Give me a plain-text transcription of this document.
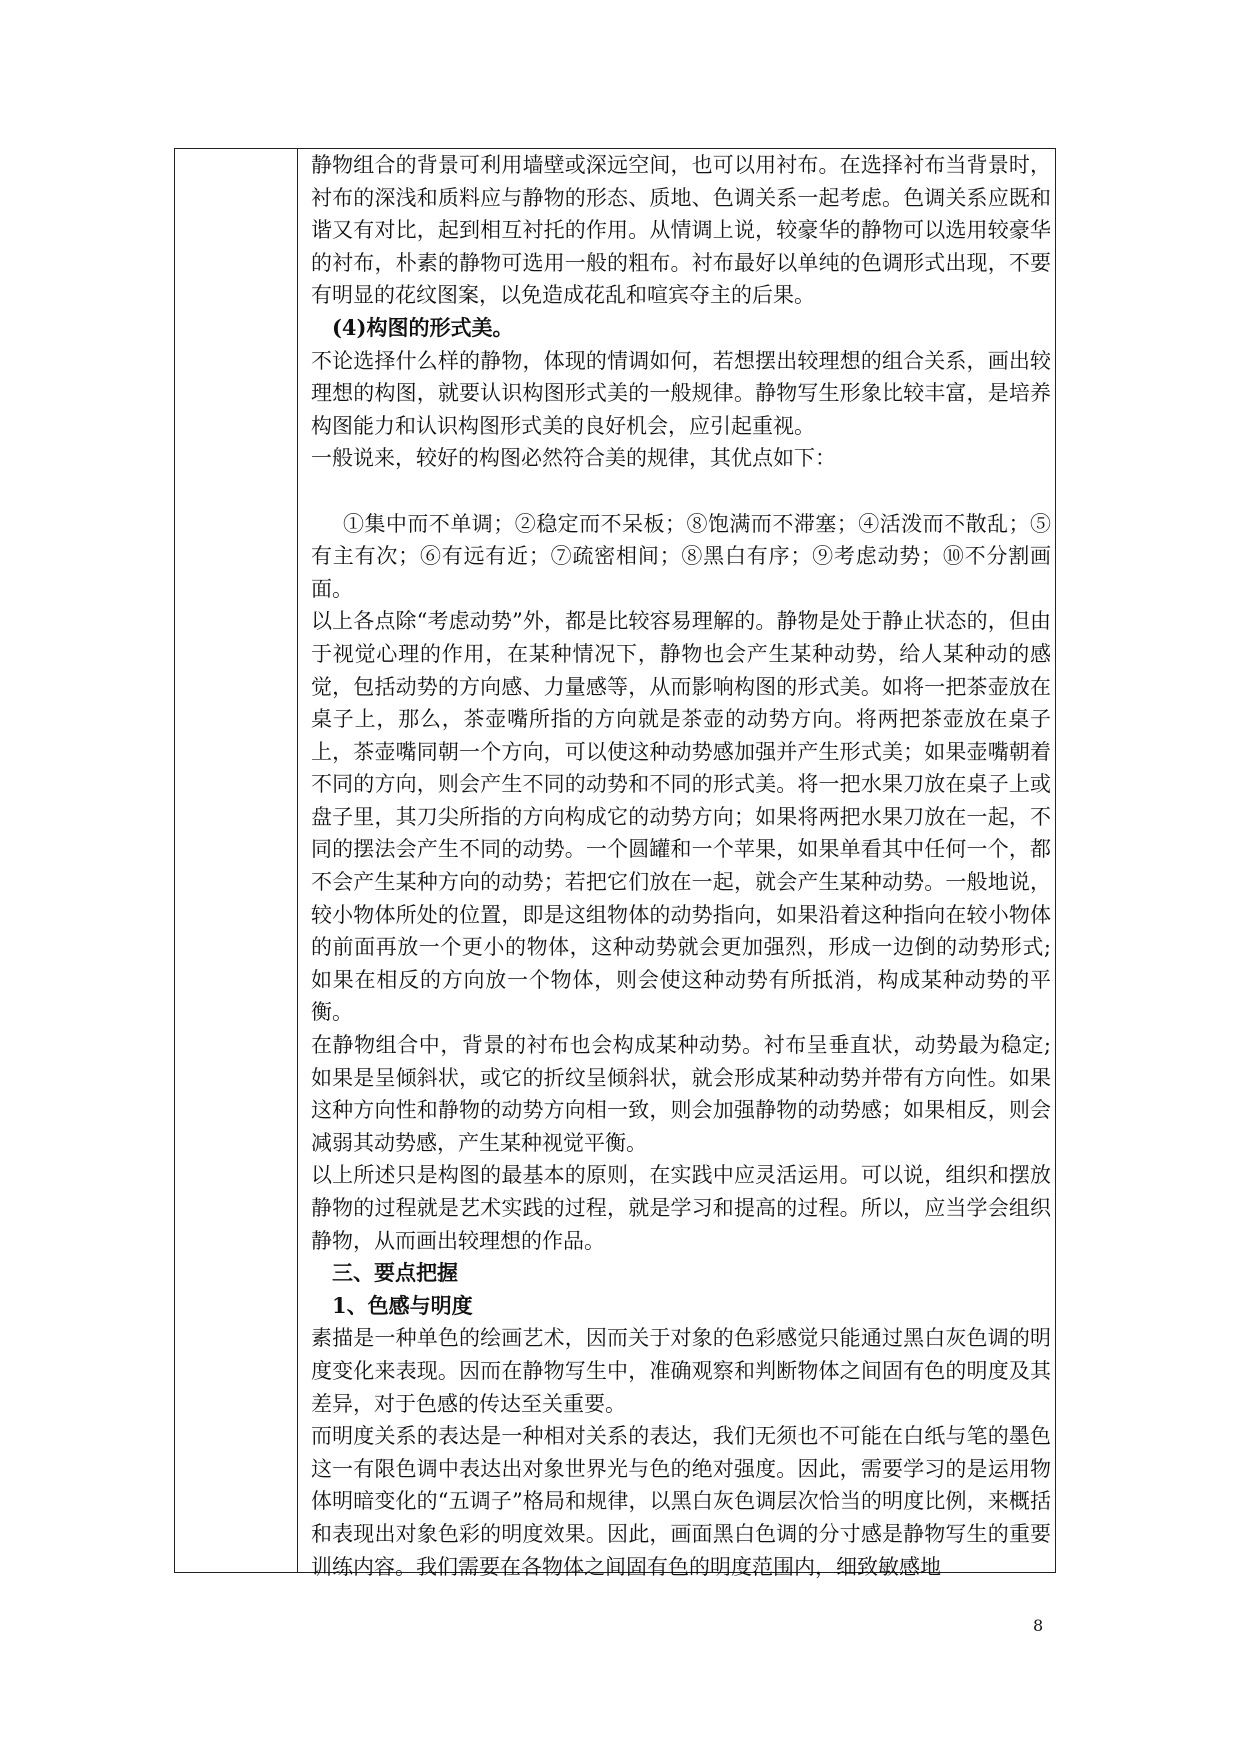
静物组合的背景可利用墙壁或深远空间，也可以用衬布。在选择衬布当背景时，衬布的深浅和质料应与静物的形态、质地、色调关系一起考虑。色调关系应既和谐又有对比，起到相互衬托的作用。从情调上说，较豪华的静物可以选用较豪华的衬布，朴素的静物可选用一般的粗布。衬布最好以单纯的色调形式出现，不要有明显的花纹图案，以免造成花乱和喧宾夺主的后果。

(4)构图的形式美。

不论选择什么样的静物，体现的情调如何，若想摆出较理想的组合关系，画出较理想的构图，就要认识构图形式美的一般规律。静物写生形象比较丰富，是培养构图能力和认识构图形式美的良好机会，应引起重视。

一般说来，较好的构图必然符合美的规律，其优点如下：

①集中而不单调；②稳定而不呆板；⑧饱满而不滞塞；④活泼而不散乱；⑤有主有次；⑥有远有近；⑦疏密相间；⑧黑白有序；⑨考虑动势；⑩不分割画面。

以上各点除“考虑动势”外，都是比较容易理解的。静物是处于静止状态的，但由于视觉心理的作用，在某种情况下，静物也会产生某种动势，给人某种动的感觉，包括动势的方向感、力量感等，从而影响构图的形式美。如将一把茶壶放在桌子上，那么，茶壶嘴所指的方向就是茶壶的动势方向。将两把茶壶放在桌子上，茶壶嘴同朝一个方向，可以使这种动势感加强并产生形式美；如果壶嘴朝着不同的方向，则会产生不同的动势和不同的形式美。将一把水果刀放在桌子上或盘子里，其刀尖所指的方向构成它的动势方向；如果将两把水果刀放在一起，不同的摆法会产生不同的动势。一个圆罐和一个苹果，如果单看其中任何一个，都不会产生某种方向的动势；若把它们放在一起，就会产生某种动势。一般地说，较小物体所处的位置，即是这组物体的动势指向，如果沿着这种指向在较小物体的前面再放一个更小的物体，这种动势就会更加强烈，形成一边倒的动势形式;如果在相反的方向放一个物体，则会使这种动势有所抵消，构成某种动势的平衡。

在静物组合中，背景的衬布也会构成某种动势。衬布呈垂直状，动势最为稳定;如果是呈倾斜状，或它的折纹呈倾斜状，就会形成某种动势并带有方向性。如果这种方向性和静物的动势方向相一致，则会加强静物的动势感；如果相反，则会减弱其动势感，产生某种视觉平衡。

以上所述只是构图的最基本的原则，在实践中应灵活运用。可以说，组织和摆放静物的过程就是艺术实践的过程，就是学习和提高的过程。所以，应当学会组织静物，从而画出较理想的作品。

三、要点把握

1、色感与明度

素描是一种单色的绘画艺术，因而关于对象的色彩感觉只能通过黑白灰色调的明度变化来表现。因而在静物写生中，准确观察和判断物体之间固有色的明度及其差异，对于色感的传达至关重要。

而明度关系的表达是一种相对关系的表达，我们无须也不可能在白纸与笔的墨色这一有限色调中表达出对象世界光与色的绝对强度。因此，需要学习的是运用物体明暗变化的“五调子”格局和规律，以黑白灰色调层次恰当的明度比例，来概括和表现出对象色彩的明度效果。因此，画面黑白色调的分寸感是静物写生的重要训练内容。我们需要在各物体之间固有色的明度范围内，细致敏感地

8
